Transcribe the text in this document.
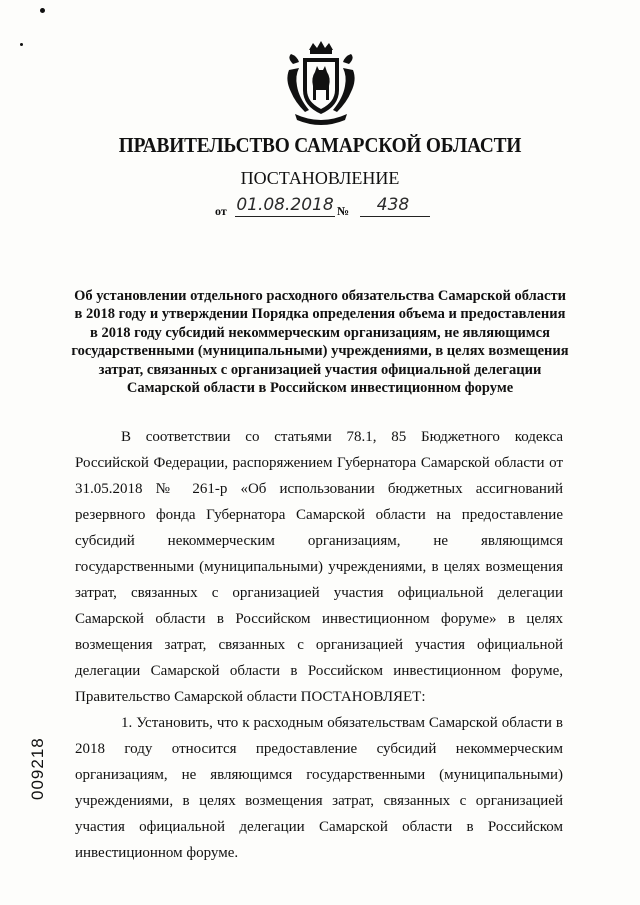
ПРАВИТЕЛЬСТВО САМАРСКОЙ ОБЛАСТИ
ПОСТАНОВЛЕНИЕ
от 01.08.2018 №	438
Об установлении отдельного расходного обязательства Самарской области
в 2018 году и утверждении Порядка определения объема и предоставления
в 2018 году субсидий некоммерческим организациям, не являющимся
государственными (муниципальными) учреждениями, в целях возмещения
затрат, связанных с организацией участия официальной делегации
Самарской области в Российском инвестиционном форуме

В соответствии со статьями 78.1, 85 Бюджетного кодекса Российской Федерации, распоряжением Губернатора Самарской области от 31.05.2018 № 261-р «Об использовании бюджетных ассигнований резервного фонда Губернатора Самарской области на предоставление субсидий некоммерческим организациям, не являющимся государственными (муниципальными) учреждениями, в целях возмещения затрат, связанных с организацией участия официальной делегации Самарской области в Российском инвестиционном форуме» в целях возмещения затрат, связанных с организацией участия официальной делегации Самарской области в Российском инвестиционном форуме, Правительство Самарской области ПОСТАНОВЛЯЕТ:

1. Установить, что к расходным обязательствам Самарской области в 2018 году относится предоставление субсидий некоммерческим организациям, не являющимся государственными (муниципальными) учреждениями, в целях возмещения затрат, связанных с организацией участия официальной делегации Самарской области в Российском инвестиционном форуме.

009218
